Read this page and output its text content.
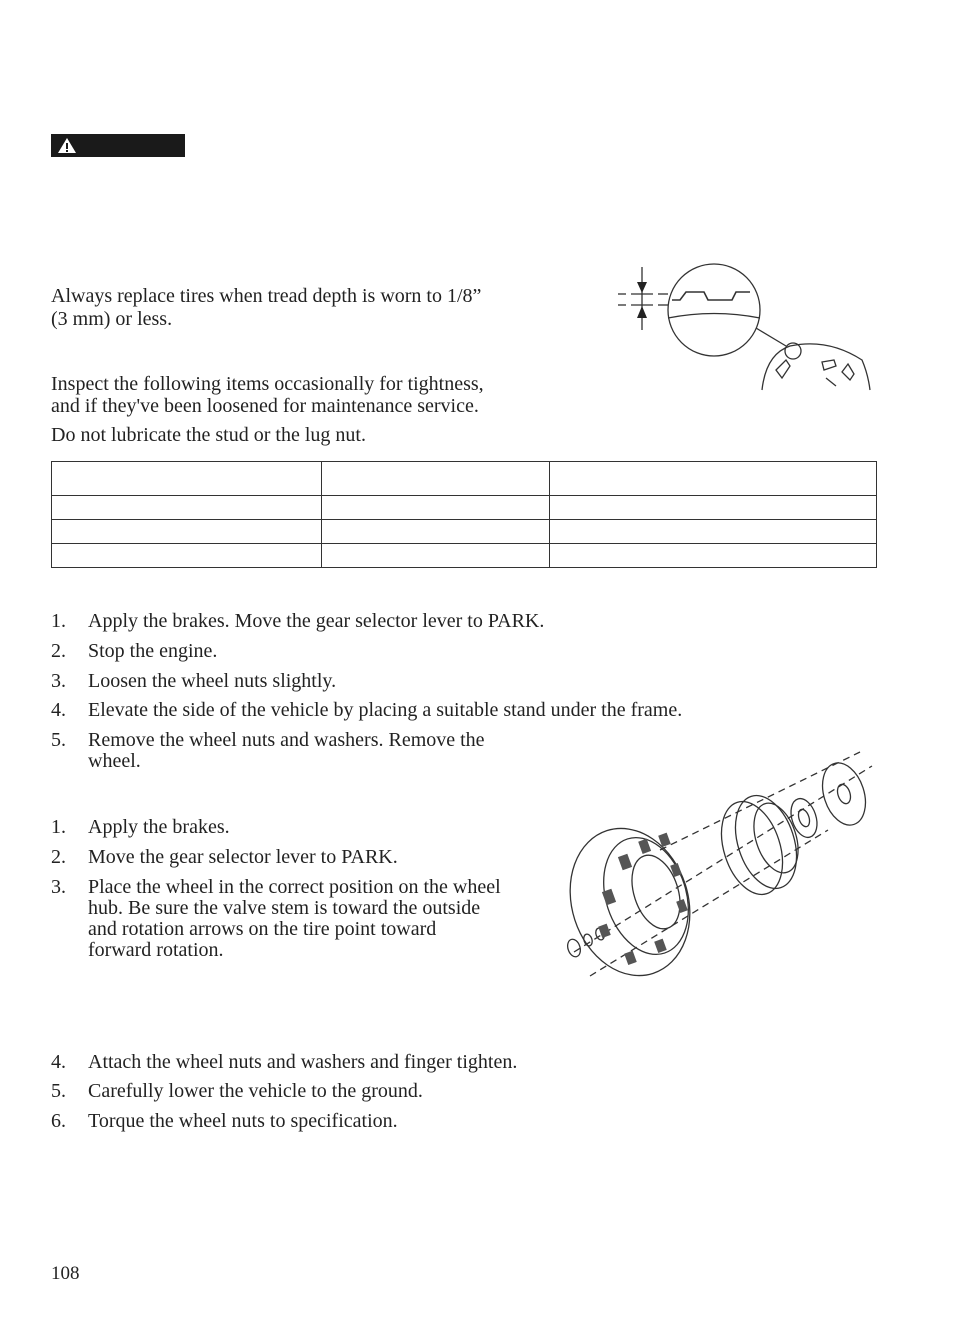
Always replace tires when tread depth is worn to 1/8”
(3 mm) or less.
Inspect the following items occasionally for tightness,
and if they've been loosened for maintenance service.
Do not lubricate the stud or the lug nut.

1. Apply the brakes. Move the gear selector lever to PARK.
2. Stop the engine.
3. Loosen the wheel nuts slightly.
4. Elevate the side of the vehicle by placing a suitable stand under the frame.
5. Remove the wheel nuts and washers. Remove the
wheel.
1. Apply the brakes.
2. Move the gear selector lever to PARK.
3. Place the wheel in the correct position on the wheel
hub. Be sure the valve stem is toward the outside
and rotation arrows on the tire point toward
forward rotation.
4. Attach the wheel nuts and washers and finger tighten.
5. Carefully lower the vehicle to the ground.
6. Torque the wheel nuts to specification.
108
